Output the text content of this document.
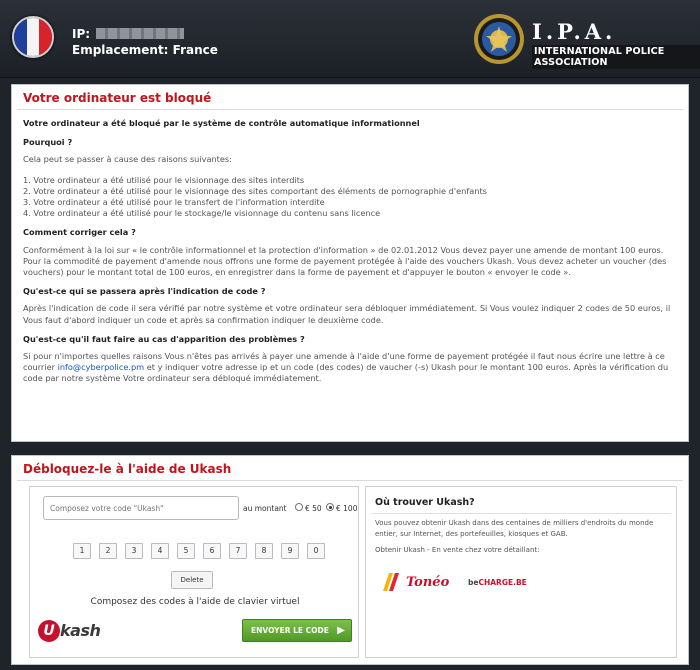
IP:
Emplacement: France
I.P.A.
INTERNATIONAL POLICE ASSOCIATION
Votre ordinateur est bloqué
Votre ordinateur a été bloqué par le système de contrôle automatique informationnel
Pourquoi ?
Cela peut se passer à cause des raisons suivantes:
1. Votre ordinateur a été utilisé pour le visionnage des sites interdits
2. Votre ordinateur a été utilisé pour le visionnage des sites comportant des éléments de pornographie d'enfants
3. Votre ordinateur a été utilisé pour le transfert de l'information interdite
4. Votre ordinateur a été utilisé pour le stockage/le visionnage du contenu sans licence
Comment corriger cela ?
Conformément à la loi sur « le contrôle informationnel et la protection d'information » de 02.01.2012 Vous devez payer une amende de montant 100 euros. Pour la commodité de payement d'amende nous offrons une forme de payement protégée à l'aide des vouchers Ukash. Vous devez acheter un voucher (des vouchers) pour le montant total de 100 euros, en enregistrer dans la forme de payement et d'appuyer le bouton « envoyer le code ».
Qu'est-ce qui se passera après l'indication de code ?
Après l'indication de code il sera vérifié par notre système et votre ordinateur sera débloquer immédiatement. Si Vous voulez indiquer 2 codes de 50 euros, il Vous faut d'abord indiquer un code et après sa confirmation indiquer le deuxième code.
Qu'est-ce qu'il faut faire au cas d'apparition des problèmes ?
Si pour n'importes quelles raisons Vous n'êtes pas arrivés à payer une amende à l'aide d'une forme de payement protégée il faut nous écrire une lettre à ce courrier info@cyberpolice.pm et y indiquer votre adresse ip et un code (des codes) de vaucher (-s) Ukash pour le montant 100 euros. Après la vérification du code par notre système Votre ordinateur sera débloqué immédiatement.
Débloquez-le à l'aide de Ukash
Composez votre code "Ukash"
au montant € 50 € 100
1	2	3	4	5	6	7	8	9	0
Delete
Composez des codes à l'aide de clavier virtuel
U kash	ENVOYER LE CODE ▶
Où trouver Ukash?
Vous pouvez obtenir Ukash dans des centaines de milliers d'endroits du monde entier, sur Internet, des portefeuilles, kiosques et GAB.
Obtenir Ukash - En vente chez votre détaillant:
Tonéo	beCHARGE.BE
